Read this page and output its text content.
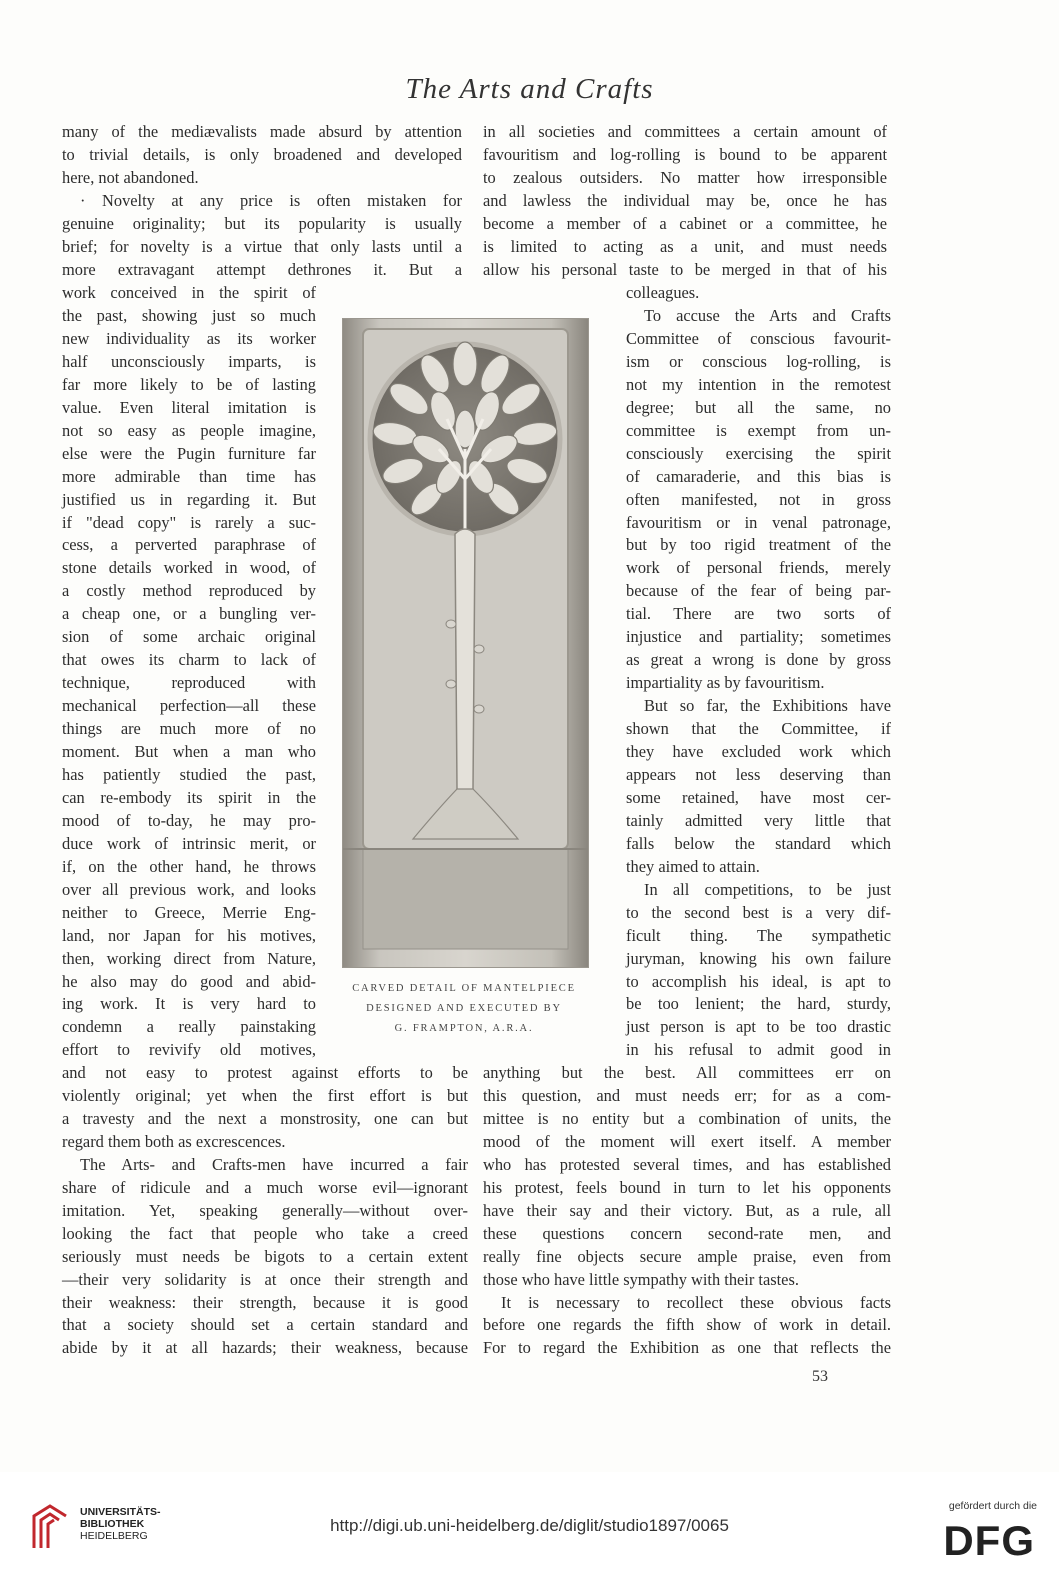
The Arts and Crafts
many of the mediævalists made absurd by attention
to trivial details, is only broadened and developed
here, not abandoned.
· Novelty at any price is often mistaken for
genuine originality; but its popularity is usually
brief; for novelty is a virtue that only lasts until a
more extravagant attempt dethrones it. But a
work conceived in the spirit of
the past, showing just so much
new individuality as its worker
half unconsciously imparts, is
far more likely to be of lasting
value. Even literal imitation is
not so easy as people imagine,
else were the Pugin furniture far
more admirable than time has
justified us in regarding it. But
if "dead copy" is rarely a suc-
cess, a perverted paraphrase of
stone details worked in wood, of
a costly method reproduced by
a cheap one, or a bungling ver-
sion of some archaic original
that owes its charm to lack of
technique, reproduced with
mechanical perfection—all these
things are much more of no
moment. But when a man who
has patiently studied the past,
can re-embody its spirit in the
mood of to-day, he may pro-
duce work of intrinsic merit, or
if, on the other hand, he throws
over all previous work, and looks
neither to Greece, Merrie Eng-
land, nor Japan for his motives,
then, working direct from Nature,
he also may do good and abid-
ing work. It is very hard to
condemn a really painstaking
effort to revivify old motives,
and not easy to protest against efforts to be
violently original; yet when the first effort is but
a travesty and the next a monstrosity, one can but
regard them both as excrescences.
The Arts- and Crafts-men have incurred a fair
share of ridicule and a much worse evil—ignorant
imitation. Yet, speaking generally—without over-
looking the fact that people who take a creed
seriously must needs be bigots to a certain extent
—their very solidarity is at once their strength and
their weakness: their strength, because it is good
that a society should set a certain standard and
abide by it at all hazards; their weakness, because
in all societies and committees a certain amount of
favouritism and log-rolling is bound to be apparent
to zealous outsiders. No matter how irresponsible
and lawless the individual may be, once he has
become a member of a cabinet or a committee, he
is limited to acting as a unit, and must needs
allow his personal taste to be merged in that of his
colleagues.
To accuse the Arts and Crafts
Committee of conscious favourit-
ism or conscious log-rolling, is
not my intention in the remotest
degree; but all the same, no
committee is exempt from un-
consciously exercising the spirit
of camaraderie, and this bias is
often manifested, not in gross
favouritism or in venal patronage,
but by too rigid treatment of the
work of personal friends, merely
because of the fear of being par-
tial. There are two sorts of
injustice and partiality; sometimes
as great a wrong is done by gross
impartiality as by favouritism.
But so far, the Exhibitions have
shown that the Committee, if
they have excluded work which
appears not less deserving than
some retained, have most cer-
tainly admitted very little that
falls below the standard which
they aimed to attain.
In all competitions, to be just
to the second best is a very dif-
ficult thing. The sympathetic
juryman, knowing his own failure
to accomplish his ideal, is apt to
be too lenient; the hard, sturdy,
just person is apt to be too drastic
in his refusal to admit good in
anything but the best. All committees err on
this question, and must needs err; for as a com-
mittee is no entity but a combination of units, the
mood of the moment will exert itself. A member
who has protested several times, and has established
his protest, feels bound in turn to let his opponents
have their say and their victory. But, as a rule, all
these questions concern second-rate men, and
really fine objects secure ample praise, even from
those who have little sympathy with their tastes.
It is necessary to recollect these obvious facts
before one regards the fifth show of work in detail.
For to regard the Exhibition as one that reflects the
CARVED DETAIL OF MANTELPIECE
DESIGNED AND EXECUTED BY
G. FRAMPTON, A.R.A.
53
UNIVERSITÄTS-
BIBLIOTHEK
HEIDELBERG
http://digi.ub.uni-heidelberg.de/diglit/studio1897/0065
gefördert durch die
DFG
